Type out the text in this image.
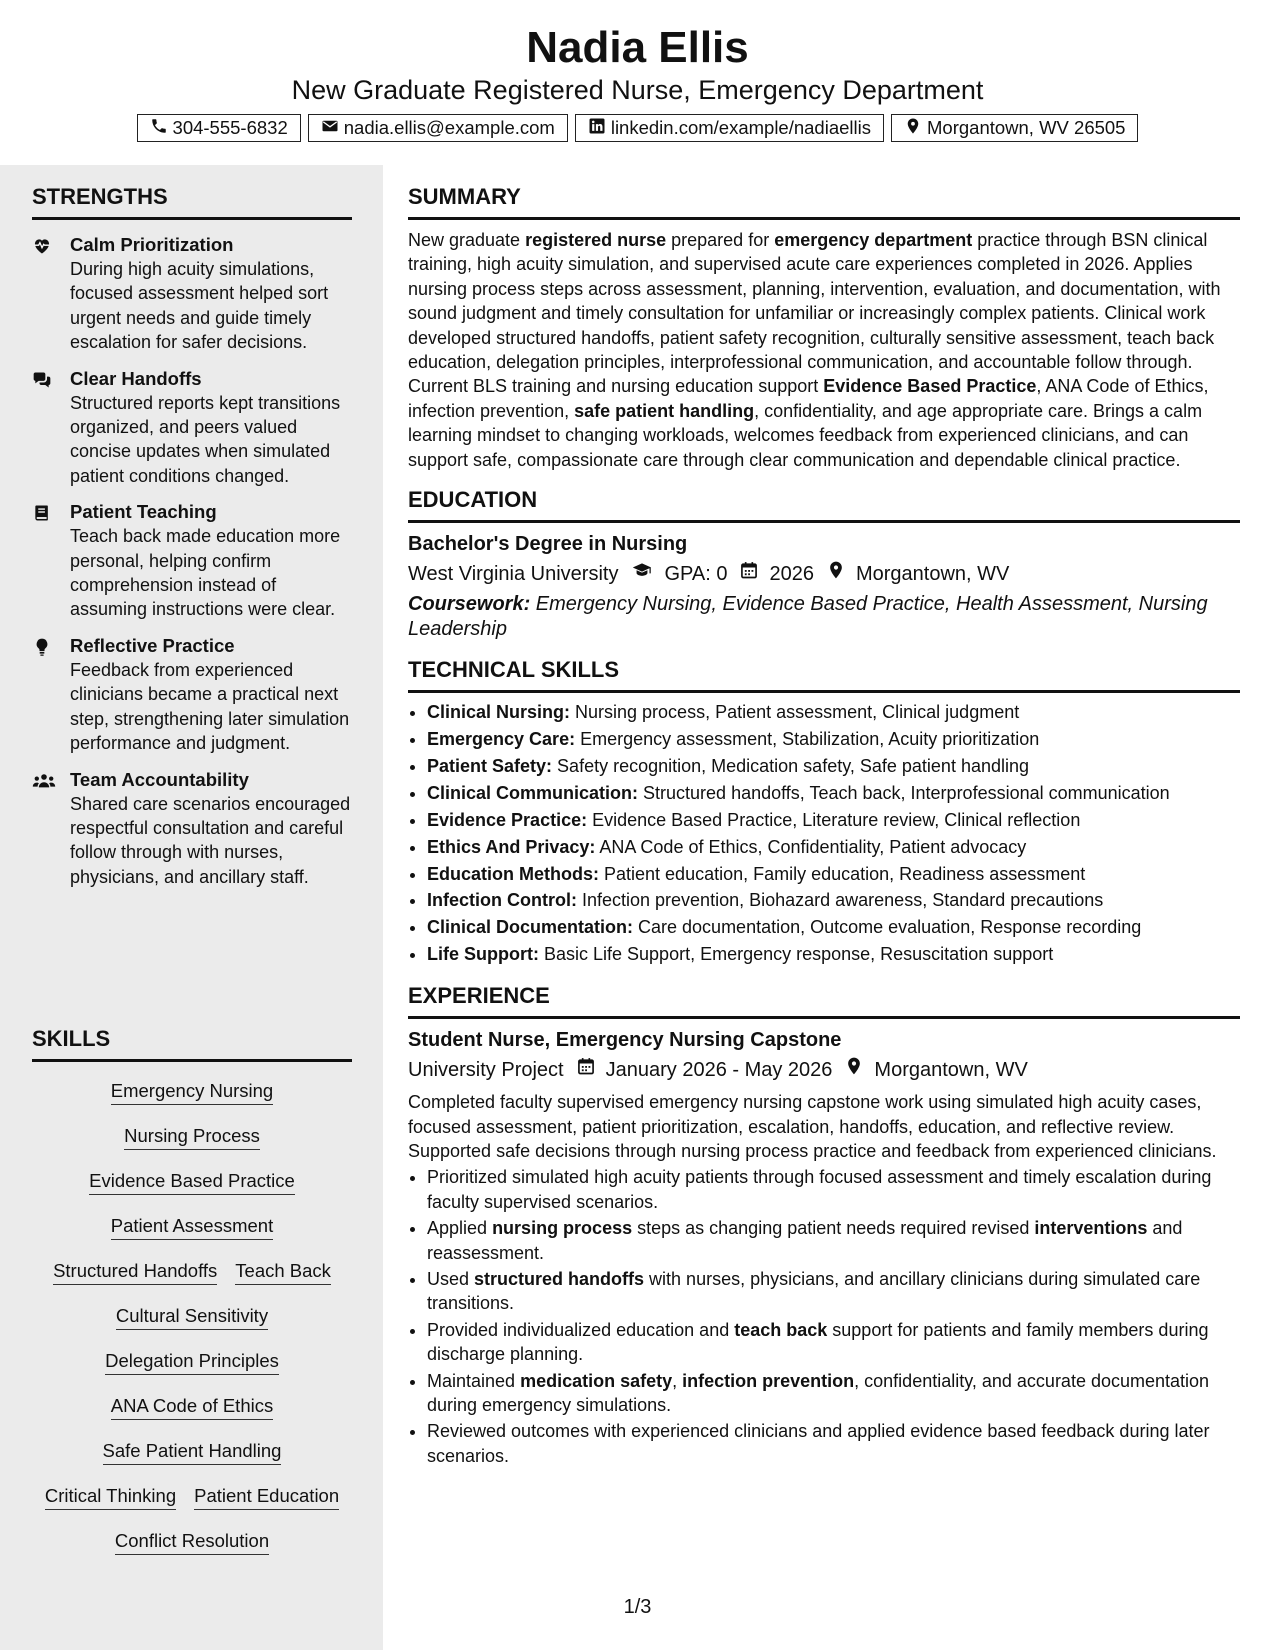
Nadia Ellis
New Graduate Registered Nurse, Emergency Department
304-555-6832	nadia.ellis@example.com	linkedin.com/example/nadiaellis	Morgantown, WV 26505
STRENGTHS
Calm Prioritization
During high acuity simulations, focused assessment helped sort urgent needs and guide timely escalation for safer decisions.
Clear Handoffs
Structured reports kept transitions organized, and peers valued concise updates when simulated patient conditions changed.
Patient Teaching
Teach back made education more personal, helping confirm comprehension instead of assuming instructions were clear.
Reflective Practice
Feedback from experienced clinicians became a practical next step, strengthening later simulation performance and judgment.
Team Accountability
Shared care scenarios encouraged respectful consultation and careful follow through with nurses, physicians, and ancillary staff.
SKILLS
Emergency Nursing
Nursing Process
Evidence Based Practice
Patient Assessment
Structured Handoffs Teach Back
Cultural Sensitivity
Delegation Principles
ANA Code of Ethics
Safe Patient Handling
Critical Thinking Patient Education
Conflict Resolution
SUMMARY
New graduate registered nurse prepared for emergency department practice through BSN clinical training, high acuity simulation, and supervised acute care experiences completed in 2026. Applies nursing process steps across assessment, planning, intervention, evaluation, and documentation, with sound judgment and timely consultation for unfamiliar or increasingly complex patients. Clinical work developed structured handoffs, patient safety recognition, culturally sensitive assessment, teach back education, delegation principles, interprofessional communication, and accountable follow through. Current BLS training and nursing education support Evidence Based Practice, ANA Code of Ethics, infection prevention, safe patient handling, confidentiality, and age appropriate care. Brings a calm learning mindset to changing workloads, welcomes feedback from experienced clinicians, and can support safe, compassionate care through clear communication and dependable clinical practice.
EDUCATION
Bachelor's Degree in Nursing
West Virginia University GPA: 0 2026 Morgantown, WV
Coursework: Emergency Nursing, Evidence Based Practice, Health Assessment, Nursing Leadership
TECHNICAL SKILLS
• Clinical Nursing: Nursing process, Patient assessment, Clinical judgment
• Emergency Care: Emergency assessment, Stabilization, Acuity prioritization
• Patient Safety: Safety recognition, Medication safety, Safe patient handling
• Clinical Communication: Structured handoffs, Teach back, Interprofessional communication
• Evidence Practice: Evidence Based Practice, Literature review, Clinical reflection
• Ethics And Privacy: ANA Code of Ethics, Confidentiality, Patient advocacy
• Education Methods: Patient education, Family education, Readiness assessment
• Infection Control: Infection prevention, Biohazard awareness, Standard precautions
• Clinical Documentation: Care documentation, Outcome evaluation, Response recording
• Life Support: Basic Life Support, Emergency response, Resuscitation support
EXPERIENCE
Student Nurse, Emergency Nursing Capstone
University Project January 2026 - May 2026 Morgantown, WV
Completed faculty supervised emergency nursing capstone work using simulated high acuity cases, focused assessment, patient prioritization, escalation, handoffs, education, and reflective review. Supported safe decisions through nursing process practice and feedback from experienced clinicians.
• Prioritized simulated high acuity patients through focused assessment and timely escalation during faculty supervised scenarios.
• Applied nursing process steps as changing patient needs required revised interventions and reassessment.
• Used structured handoffs with nurses, physicians, and ancillary clinicians during simulated care transitions.
• Provided individualized education and teach back support for patients and family members during discharge planning.
• Maintained medication safety, infection prevention, confidentiality, and accurate documentation during emergency simulations.
• Reviewed outcomes with experienced clinicians and applied evidence based feedback during later scenarios.
1/3
